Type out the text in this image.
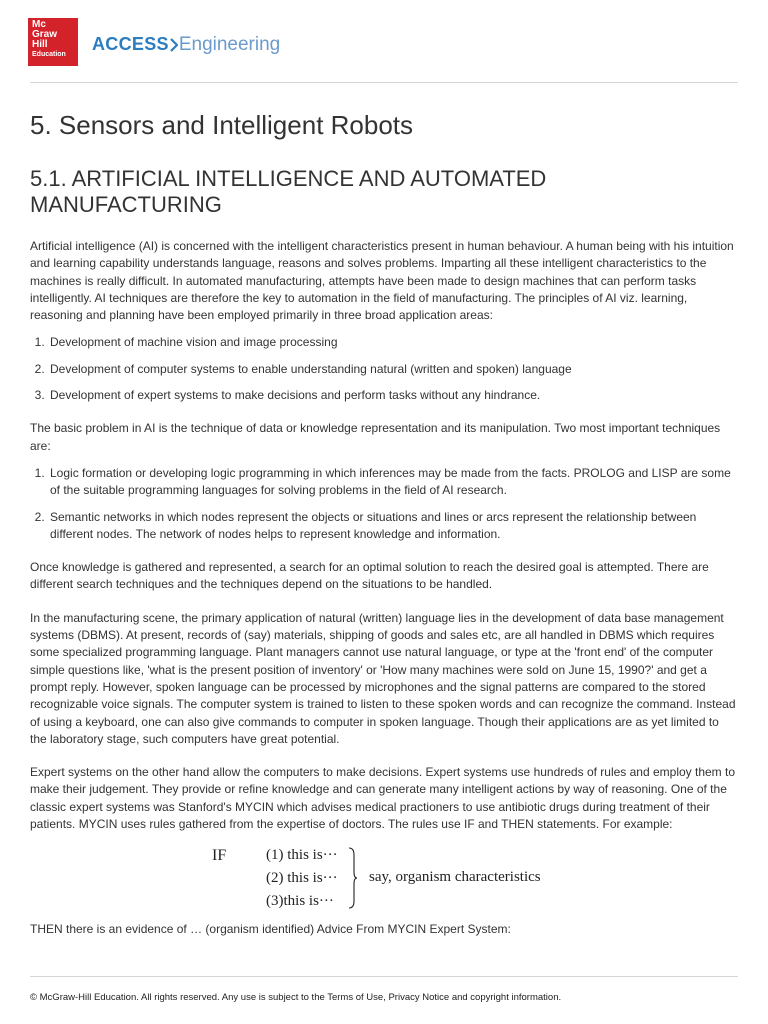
Mc
Graw
Hill
Education
ACCESS Engineering
5. Sensors and Intelligent Robots
5.1. ARTIFICIAL INTELLIGENCE AND AUTOMATED MANUFACTURING

Artificial intelligence (AI) is concerned with the intelligent characteristics present in human behaviour. A human being with his intuition and learning capability understands language, reasons and solves problems. Imparting all these intelligent characteristics to the machines is really difficult. In automated manufacturing, attempts have been made to design machines that can perform tasks intelligently. AI techniques are therefore the key to automation in the field of manufacturing. The principles of AI viz. learning, reasoning and planning have been employed primarily in three broad application areas:

1. Development of machine vision and image processing
2. Development of computer systems to enable understanding natural (written and spoken) language
3. Development of expert systems to make decisions and perform tasks without any hindrance.

The basic problem in AI is the technique of data or knowledge representation and its manipulation. Two most important techniques are:

1. Logic formation or developing logic programming in which inferences may be made from the facts. PROLOG and LISP are some of the suitable programming languages for solving problems in the field of AI research.
2. Semantic networks in which nodes represent the objects or situations and lines or arcs represent the relationship between different nodes. The network of nodes helps to represent knowledge and information.

Once knowledge is gathered and represented, a search for an optimal solution to reach the desired goal is attempted. There are different search techniques and the techniques depend on the situations to be handled.

In the manufacturing scene, the primary application of natural (written) language lies in the development of data base management systems (DBMS). At present, records of (say) materials, shipping of goods and sales etc, are all handled in DBMS which requires some specialized programming language. Plant managers cannot use natural language, or type at the 'front end' of the computer simple questions like, 'what is the present position of inventory' or 'How many machines were sold on June 15, 1990?' and get a prompt reply. However, spoken language can be processed by microphones and the signal patterns are compared to the stored recognizable voice signals. The computer system is trained to listen to these spoken words and can recognize the command. Instead of using a keyboard, one can also give commands to computer in spoken language. Though their applications are as yet limited to the laboratory stage, such computers have great potential.

Expert systems on the other hand allow the computers to make decisions. Expert systems use hundreds of rules and employ them to make their judgement. They provide or refine knowledge and can generate many intelligent actions by way of reasoning. One of the classic expert systems was Stanford's MYCIN which advises medical practioners to use antibiotic drugs during treatment of their patients. MYCIN uses rules gathered from the expertise of doctors. The rules use IF and THEN statements. For example:

IF	(1) this is···
(2) this is···
(3)this is···
say, organism characteristics

THEN there is an evidence of … (organism identified) Advice From MYCIN Expert System:

© McGraw-Hill Education. All rights reserved. Any use is subject to the Terms of Use, Privacy Notice and copyright information.
